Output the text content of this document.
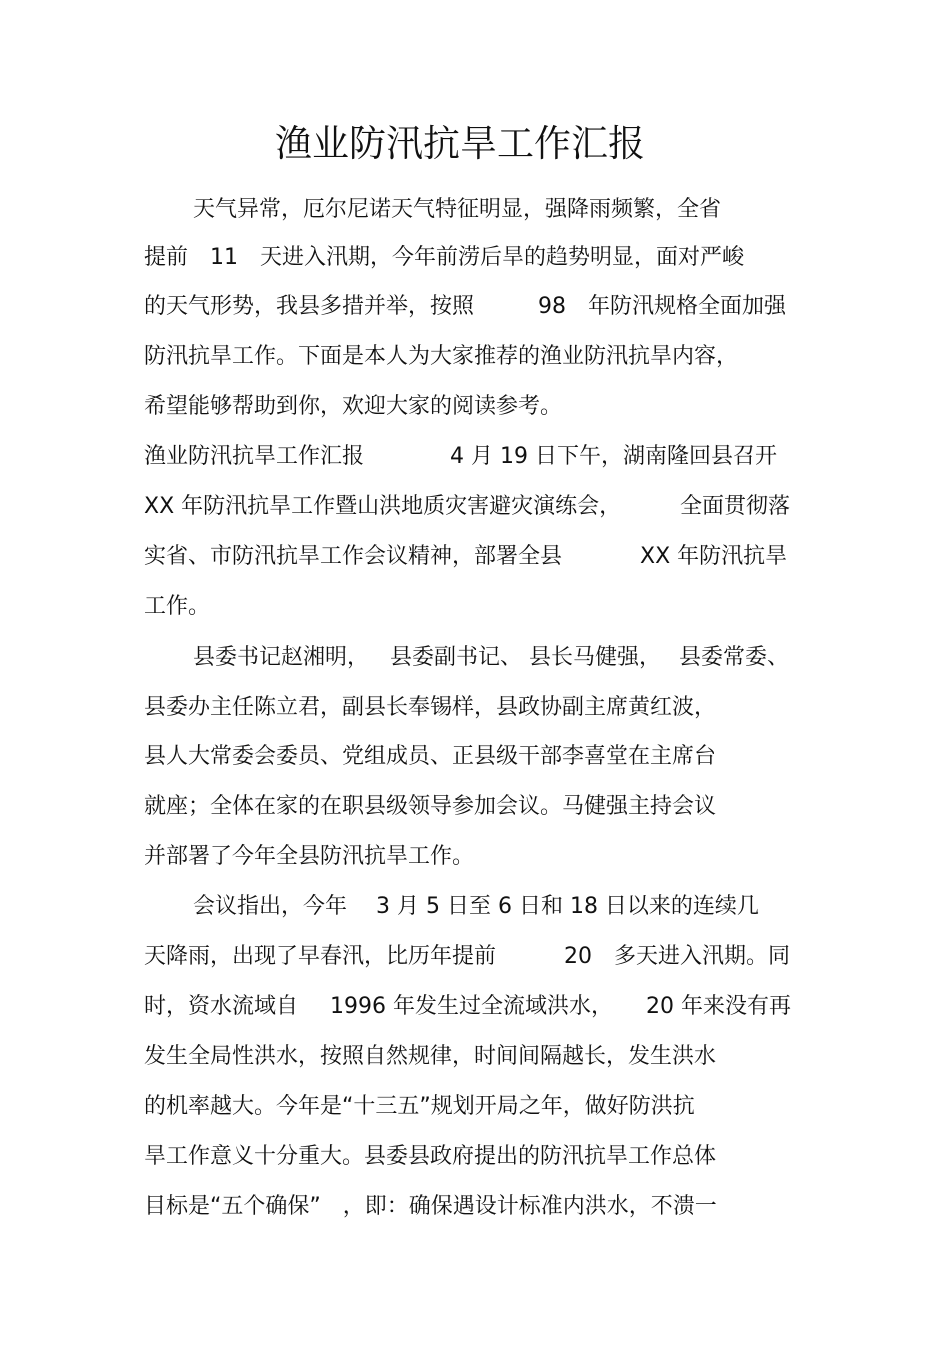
渔业防汛抗旱工作汇报
天气异常，厄尔尼诺天气特征明显，强降雨频繁，全省
提前　11　天进入汛期，今年前涝后旱的趋势明显，面对严峻
的天气形势，我县多措并举，按照	98　年防汛规格全面加强
防汛抗旱工作。下面是本人为大家推荐的渔业防汛抗旱内容，
希望能够帮助到你，欢迎大家的阅读参考。
渔业防汛抗旱工作汇报	4 月 19 日下午，湖南隆回县召开
XX 年防汛抗旱工作暨山洪地质灾害避灾演练会，	全面贯彻落
实省、市防汛抗旱工作会议精神，部署全县	XX 年防汛抗旱
工作。
县委书记赵湘明， 县委副书记、 县长马健强， 县委常委、
县委办主任陈立君，副县长奉锡样，县政协副主席黄红波，
县人大常委会委员、党组成员、正县级干部李喜堂在主席台
就座；全体在家的在职县级领导参加会议。马健强主持会议
并部署了今年全县防汛抗旱工作。
会议指出，今年　 3 月 5 日至 6 日和 18 日以来的连续几
天降雨，出现了早春汛，比历年提前	20　多天进入汛期。同
时，资水流域自 1996 年发生过全流域洪水， 20 年来没有再
发生全局性洪水，按照自然规律，时间间隔越长，发生洪水
的机率越大。今年是“十三五”规划开局之年，做好防洪抗
旱工作意义十分重大。县委县政府提出的防汛抗旱工作总体
目标是“五个确保”　，即：确保遇设计标准内洪水，不溃一
